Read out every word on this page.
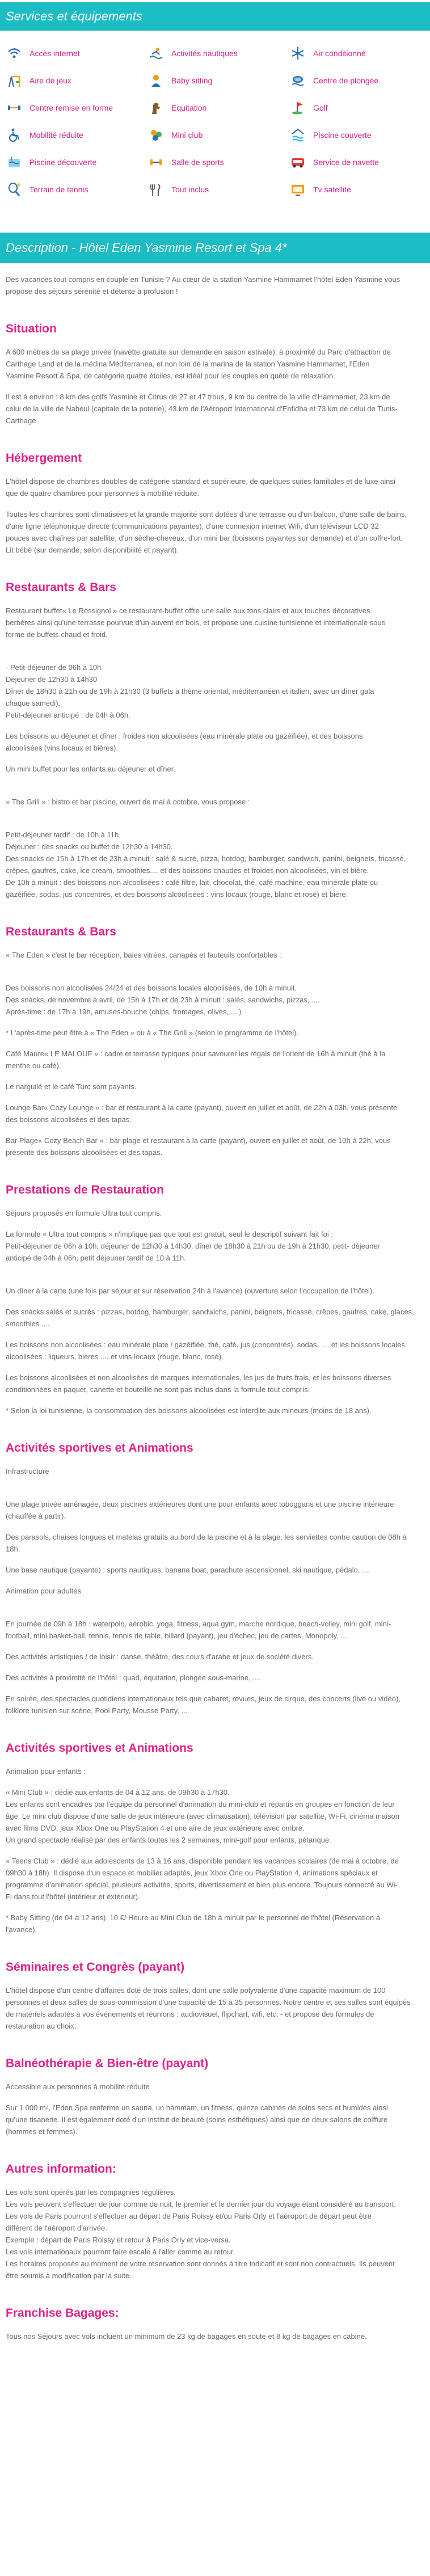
Services et équipements
Accès internet	Activités nautiques	Air conditionné
Aire de jeux	Baby sitting	Centre de plongée
Centre remise en forme	Équitation	Golf
Mobilité réduite	Mini club	Piscine couverte
Piscine découverte	Salle de sports	Service de navette
Terrain de tennis	Tout inclus	Tv satellite
Description - Hôtel Eden Yasmine Resort et Spa 4*

Des vacances tout compris en couple en Tunisie ? Au cœur de la station Yasmine Hammamet l'hôtel Eden Yasmine vous
propose des séjours sérénité et détente à profusion !

Situation

A 600 mètres de sa plage privée (navette gratuite sur demande en saison estivale), à proximité du Parc d'attraction de
Carthage Land et de la médina Méditerranea, et non loin de la marina de la station Yasmine Hammamet, l'Eden
Yasmine Resort & Spa, de catégorie quatre étoiles, est idéal pour les couples en quête de relaxation.

Il est à environ : 8 km des golfs Yasmine et Citrus de 27 et 47 trous, 9 km du centre de la ville d'Hammamet, 23 km de
celui de la ville de Nabeul (capitale de la poterie), 43 km de l'Aéroport International d'Enfidha et 73 km de celui de Tunis-
Carthage.

Hébergement

L'hôtel dispose de chambres doubles de catégorie standard et supérieure, de quelques suites familiales et de luxe ainsi
que de quatre chambres pour personnes à mobilité réduite.

Toutes les chambres sont climatisées et la grande majorité sont dotées d'une terrasse ou d'un balcon, d'une salle de bains,
d'une ligne téléphonique directe (communications payantes), d'une connexion internet Wifi, d'un téléviseur LCD 32
pouces avec chaînes par satellite, d'un sèche-cheveux, d'un mini bar (boissons payantes sur demande) et d'un coffre-fort.
Lit bébé (sur demande, selon disponibilité et payant).

Restaurants & Bars

Restaurant buffet« Le Rossignol » ce restaurant-buffet offre une salle aux tons clairs et aux touches décoratives
berbères ainsi qu'une terrasse pourvue d'un auvent en bois, et propose une cuisine tunisienne et internationale sous
forme de buffets chaud et froid.

- Petit-déjeuner de 06h à 10h
Déjeuner de 12h30 à 14h30
Dîner de 18h30 à 21h ou de 19h à 21h30 (3 buffets à thème oriental, méditerranéen et italien, avec un dîner gala
chaque samedi).
Petit-déjeuner anticipé : de 04h à 06h.

Les boissons au déjeuner et dîner : froides non alcoolisées (eau minérale plate ou gazéifiée), et des boissons
alcoolisées (vins locaux et bières).

Un mini buffet pour les enfants au déjeuner et dîner.

« The Grill » : bistro et bar piscine, ouvert de mai à octobre, vous propose :

Petit-déjeuner tardif : de 10h à 11h.
Déjeuner : des snacks ou buffet de 12h30 à 14h30.
Des snacks de 15h à 17h et de 23h à minuit : salé & sucré, pizza, hotdog, hamburger, sandwich, panini, beignets, fricassé,
crêpes, gaufres, cake, ice cream, smoothies.... et des boissons chaudes et froides non alcoolisées, vin et bière.
De 10h à minuit : des boissons non alcoolisées : café filtre, lait, chocolat, thé, café machine, eau minérale plate ou
gazéifiée, sodas, jus concentrés, et des boissons alcoolisées : vins locaux (rouge, blanc et rosé) et bière.

Restaurants & Bars

« The Eden » c'est le bar réception, baies vitrées, canapés et fauteuils confortables :

Des boissons non alcoolisées 24/24 et des boissons locales alcoolisées, de 10h à minuit.
Des snacks, de novembre à avril, de 15h à 17h et de 23h à minuit : salés, sandwichs, pizzas, ....
Après-time : de 17h à 19h, amuses-bouche (chips, fromages, olives,.....)

* L'après-time peut être à « The Eden » ou à « The Grill » (selon le programme de l'hôtel).

Café Maure« LE MALOUF » : cadre et terrasse typiques pour savourer les régals de l'orient de 16h à minuit (thé à la
menthe ou café).

Le narguilé et le café Turc sont payants.

Lounge Bar« Cozy Lounge » : bar et restaurant à la carte (payant), ouvert en juillet et août, de 22h à 03h, vous présente
des boissons alcoolisées et des tapas.

Bar Plage« Cozy Beach Bar » : bar plage et restaurant à la carte (payant), ouvert en juillet et août, de 10h à 22h, vous
présente des boissons alcoolisées et des tapas.

Prestations de Restauration

Séjours proposés en formule Ultra tout compris.

La formule « Ultra tout compris » n'implique pas que tout est gratuit, seul le descriptif suivant fait foi :
Petit-déjeuner de 06h à 10h, déjeuner de 12h30 à 14h30, dîner de 18h30 à 21h ou de 19h à 21h30, petit- déjeuner
anticipé de 04h à 06h, petit déjeuner tardif de 10 à 11h.

Un dîner à la carte (une fois par séjour et sur réservation 24h à l'avance) (ouverture selon l'occupation de l'hôtel).

Des snacks salés et sucrés : pizzas, hotdog, hamburger, sandwichs, panini, beignets, fricassé, crêpes, gaufres, cake, glaces,
smoothies ....

Les boissons non alcoolisées : eau minérale plate / gazéifiée, thé, café, jus (concentrés), sodas, .... et les boissons locales
alcoolisées : liqueurs, bières .... et vins locaux (rouge, blanc, rosé).

Les boissons alcoolisées et non alcoolisées de marques internationales, les jus de fruits frais, et les boissons diverses
conditionnées en paquet, canette et bouteille ne sont pas inclus dans la formule tout compris.

* Selon la loi tunisienne, la consommation des boissons alcoolisées est interdite aux mineurs (moins de 18 ans).

Activités sportives et Animations

Infrastructure

Une plage privée aménagée, deux piscines extérieures dont une pour enfants avec toboggans et une piscine intérieure
(chauffée à partir).

Des parasols, chaises longues et matelas gratuits au bord de la piscine et à la plage, les serviettes contre caution de 08h à
18h.

Une base nautique (payante) : sports nautiques, banana boat, parachute ascensionnel, ski nautique, pédalo, ....

Animation pour adultes

En journée de 09h à 18h : waterpolo, aérobic, yoga, fitness, aqua gym, marche nordique, beach-volley, mini golf, mini-
football, mini basket-ball, tennis, tennis de table, billard (payant), jeu d'échec, jeu de cartes, Monopoly, ....

Des activités artistiques / de loisir : danse, théâtre, des cours d'arabe et jeux de société divers.

Des activités à proximité de l'hôtel : quad, équitation, plongée sous-marine, ....

En soirée, des spectacles quotidiens internationaux tels que cabaret, revues, jeux de cirque, des concerts (live ou vidéo),
folklore tunisien sur scène, Pool Party, Mousse Party, ...

Activités sportives et Animations

Animation pour enfants :

« Mini Club » : dédié aux enfants de 04 à 12 ans, de 09h30 à 17h30.
Les enfants sont encadrés par l'équipe du personnel d'animation du mini-club et répartis en groupes en fonction de leur
âge. Le mini club dispose d'une salle de jeux intérieure (avec climatisation), télévision par satellite, Wi-Fi, cinéma maison
avec films DVD, jeux Xbox One ou PlayStation 4 et une aire de jeux extérieure avec ombre.
Un grand spectacle réalisé par des enfants toutes les 2 semaines, mini-golf pour enfants, pétanque.

« Teens Club » : dédié aux adolescents de 13 à 16 ans, disponible pendant les vacances scolaires (de mai à octobre, de
09h30 à 18h). Il dispose d'un espace et mobilier adaptés, jeux Xbox One ou PlayStation 4, animations spéciaux et
programme d'animation spécial, plusieurs activités, sports, divertissement et bien plus encore. Toujours connecté au Wi-
Fi dans tout l'hôtel (intérieur et extérieur).

* Baby Sitting (de 04 à 12 ans), 10 €/ Heure au Mini Club de 18h à minuit par le personnel de l'hôtel (Réservation à
l'avance).

Séminaires et Congrès (payant)

L'hôtel dispose d'un centre d'affaires doté de trois salles, dont une salle polyvalente d'une capacité maximum de 100
personnes et deux salles de sous-commission d'une capacité de 15 à 35 personnes. Notre centre et ses salles sont équipés
de matériels adaptés à vos événements et réunions : audiovisuel, flipchart, wifi, etc. - et propose des formules de
restauration au choix.

Balnéothérapie & Bien-être (payant)

Accessible aux personnes à mobilité réduite

Sur 1 000 m², l'Eden Spa renferme un sauna, un hammam, un fitness, quinze cabines de soins secs et humides ainsi
qu'une tisanerie. Il est également doté d'un institut de beauté (soins esthétiques) ainsi que de deux salons de coiffure
(hommes et femmes).

Autres information:

Les vols sont opérés par les compagnies régulières.
Les vols peuvent s'effectuer de jour comme de nuit, le premier et le dernier jour du voyage étant considéré au transport.
Les vols de Paris pourront s'effectuer au départ de Paris Roissy et/ou Paris Orly et l'aéroport de départ peut être
différent de l'aéroport d'arrivée.
Exemple : départ de Paris Roissy et retour à Paris Orly et vice-versa.
Les vols internationaux pourront faire escale à l'aller comme au retour.
Les horaires proposés au moment de votre réservation sont donnés à titre indicatif et sont non contractuels. Ils peuvent
être soumis à modification par la suite.

Franchise Bagages:

Tous nos Séjours avec vols incluent un minimum de 23 kg de bagages en soute et 8 kg de bagages en cabine.
